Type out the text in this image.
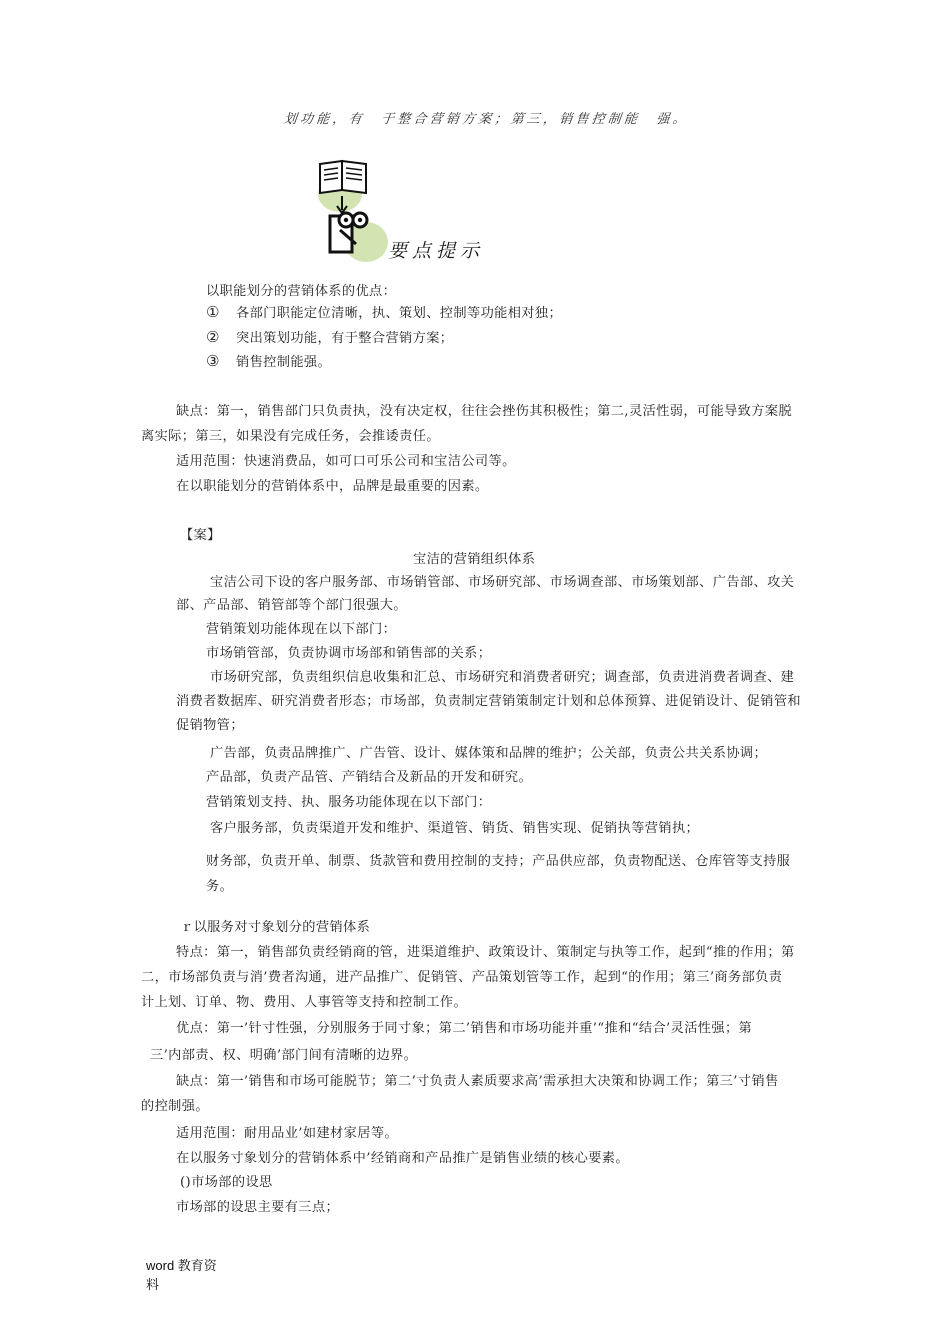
划功能，有　于整合营销方案；第三，销售控制能　强。
要点提示
以职能划分的营销体系的优点：
① 各部门职能定位清晰，执、策划、控制等功能相对独；
② 突出策划功能，有于整合营销方案；
③ 销售控制能强。
缺点：第一，销售部门只负责执，没有决定权，往往会挫伤其积极性；第二,灵活性弱，可能导致方案脱
离实际；第三，如果没有完成任务，会推诿责任。
适用范围：快速消费品，如可口可乐公司和宝洁公司等。
在以职能划分的营销体系中，品牌是最重要的因素。
【案】
宝洁的营销组织体系
宝洁公司下设的客户服务部、市场销管部、市场研究部、市场调查部、市场策划部、广告部、攻关
部、产品部、销管部等个部门很强大。
营销策划功能体现在以下部门：
市场销管部，负责协调市场部和销售部的关系；
市场研究部，负责组织信息收集和汇总、市场研究和消费者研究；调查部，负责进消费者调查、建
消费者数据库、研究消费者形态；市场部，负责制定营销策制定计划和总体预算、进促销设计、促销管和
促销物管；
广告部，负责品牌推广、广告管、设计、媒体策和品牌的维护；公关部，负责公共关系协调；
产品部，负责产品管、产销结合及新品的开发和研究。
营销策划支持、执、服务功能体现在以下部门：
客户服务部，负责渠道开发和维护、渠道管、销货、销售实现、促销执等营销执；
财务部，负责开单、制票、货款管和费用控制的支持；产品供应部，负责物配送、仓库管等支持服
务。
ｒ以服务对寸象划分的营销体系
特点：第一，销售部负责经销商的管，进渠道维护、政策设计、策制定与执等工作，起到“推的作用；第
二，市场部负责与消’费者沟通，进产品推广、促销管、产品策划管等工作，起到“的作用；第三’商务部负责
计上划、订单、物、费用、人事管等支持和控制工作。
优点：第一’针寸性强，分别服务于同寸象；第二’销售和市场功能并重’“推和“结合’灵活性强；第
三’内部责、权、明确’部门间有清晰的边界。
缺点：第一’销售和市场可能脱节；第二’寸负责人素质要求高’需承担大决策和协调工作；第三’寸销售
的控制强。
适用范围：耐用品业’如建材家居等。
在以服务寸象划分的营销体系中’经销商和产品推广是销售业绩的核心要素。
()市场部的设思
市场部的设思主要有三点；
word 教育资
料
